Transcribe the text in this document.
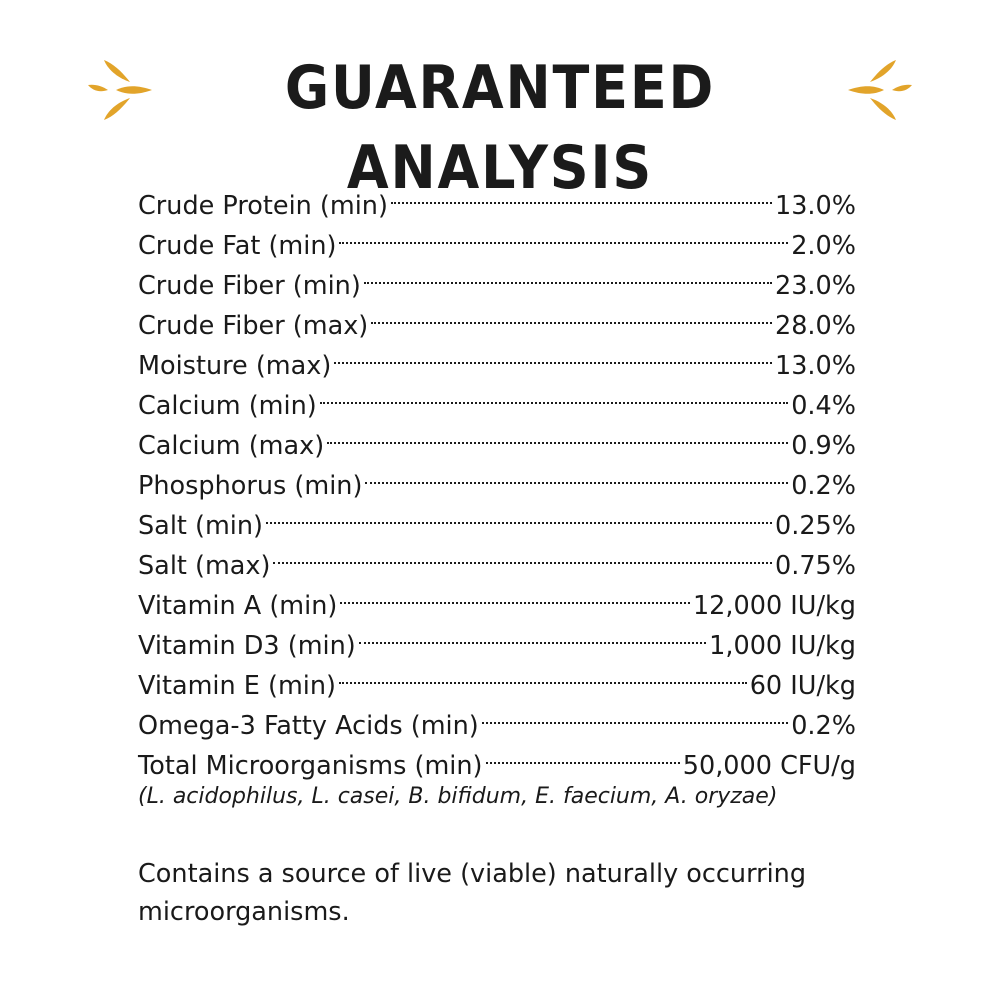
GUARANTEED ANALYSIS
Crude Protein (min)	13.0%
Crude Fat (min)	2.0%
Crude Fiber (min)	23.0%
Crude Fiber (max)	28.0%
Moisture (max)	13.0%
Calcium (min)	0.4%
Calcium (max)	0.9%
Phosphorus (min)	0.2%
Salt (min)	0.25%
Salt (max)	0.75%
Vitamin A (min)	12,000 IU/kg
Vitamin D3 (min)	1,000 IU/kg
Vitamin E (min)	60 IU/kg
Omega-3 Fatty Acids (min)	0.2%
Total Microorganisms (min)	50,000 CFU/g
(L. acidophilus, L. casei, B. bifidum, E. faecium, A. oryzae)
Contains a source of live (viable) naturally occurring microorganisms.
